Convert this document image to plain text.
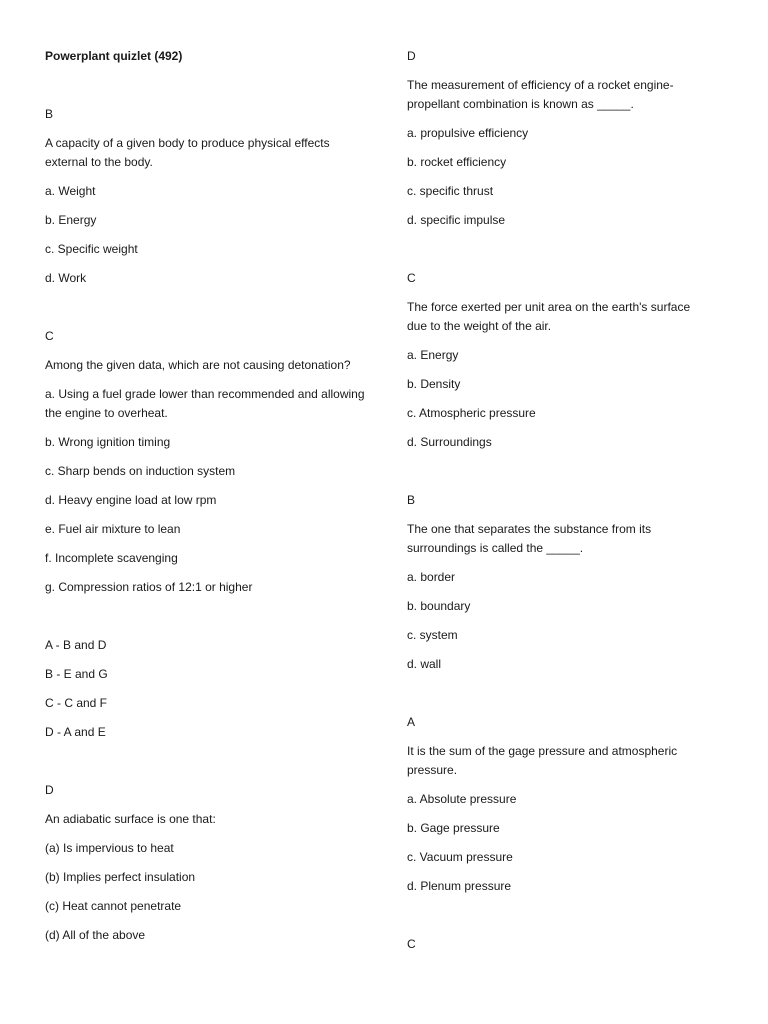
Powerplant quizlet (492)
B
A capacity of a given body to produce physical effects external to the body.
a. Weight
b. Energy
c. Specific weight
d. Work
C
Among the given data, which are not causing detonation?
a. Using a fuel grade lower than recommended and allowing the engine to overheat.
b. Wrong ignition timing
c. Sharp bends on induction system
d. Heavy engine load at low rpm
e. Fuel air mixture to lean
f. Incomplete scavenging
g. Compression ratios of 12:1 or higher
A - B and D
B - E and G
C - C and F
D - A and E
D
An adiabatic surface is one that:
(a) Is impervious to heat
(b) Implies perfect insulation
(c) Heat cannot penetrate
(d) All of the above
D
The measurement of efficiency of a rocket engine-propellant combination is known as _____.
a. propulsive efficiency
b. rocket efficiency
c. specific thrust
d. specific impulse
C
The force exerted per unit area on the earth's surface due to the weight of the air.
a. Energy
b. Density
c. Atmospheric pressure
d. Surroundings
B
The one that separates the substance from its surroundings is called the _____.
a. border
b. boundary
c. system
d. wall
A
It is the sum of the gage pressure and atmospheric pressure.
a. Absolute pressure
b. Gage pressure
c. Vacuum pressure
d. Plenum pressure
C
